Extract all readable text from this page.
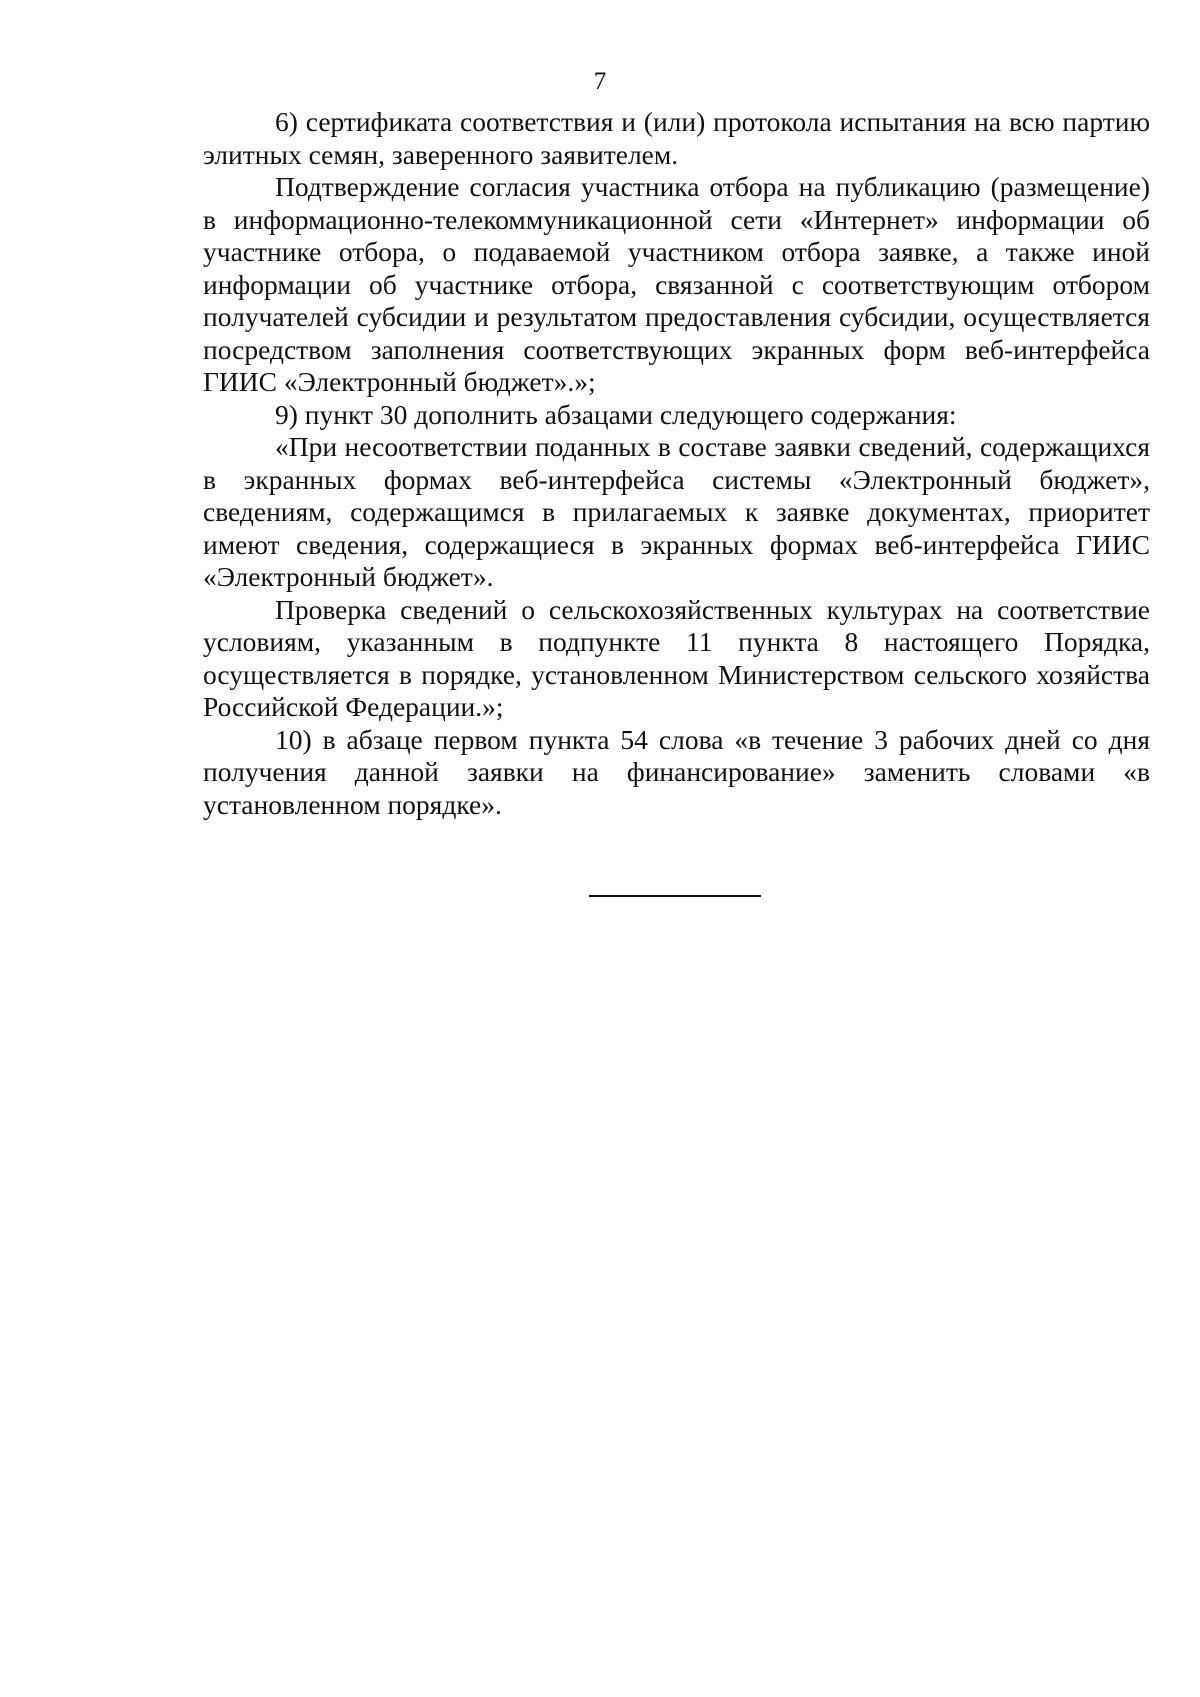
7

6) сертификата соответствия и (или) протокола испытания на всю партию элитных семян, заверенного заявителем.

Подтверждение согласия участника отбора на публикацию (размещение) в информационно-телекоммуникационной сети «Интернет» информации об участнике отбора, о подаваемой участником отбора заявке, а также иной информации об участнике отбора, связанной с соответствующим отбором получателей субсидии и результатом предоставления субсидии, осуществляется посредством заполнения соответствующих экранных форм веб-интерфейса ГИИС «Электронный бюджет».»;

9) пункт 30 дополнить абзацами следующего содержания:

«При несоответствии поданных в составе заявки сведений, содержащихся в экранных формах веб-интерфейса системы «Электронный бюджет», сведениям, содержащимся в прилагаемых к заявке документах, приоритет имеют сведения, содержащиеся в экранных формах веб-интерфейса ГИИС «Электронный бюджет».

Проверка сведений о сельскохозяйственных культурах на соответствие условиям, указанным в подпункте 11 пункта 8 настоящего Порядка, осуществляется в порядке, установленном Министерством сельского хозяйства Российской Федерации.»;

10) в абзаце первом пункта 54 слова «в течение 3 рабочих дней со дня получения данной заявки на финансирование» заменить словами «в установленном порядке».
